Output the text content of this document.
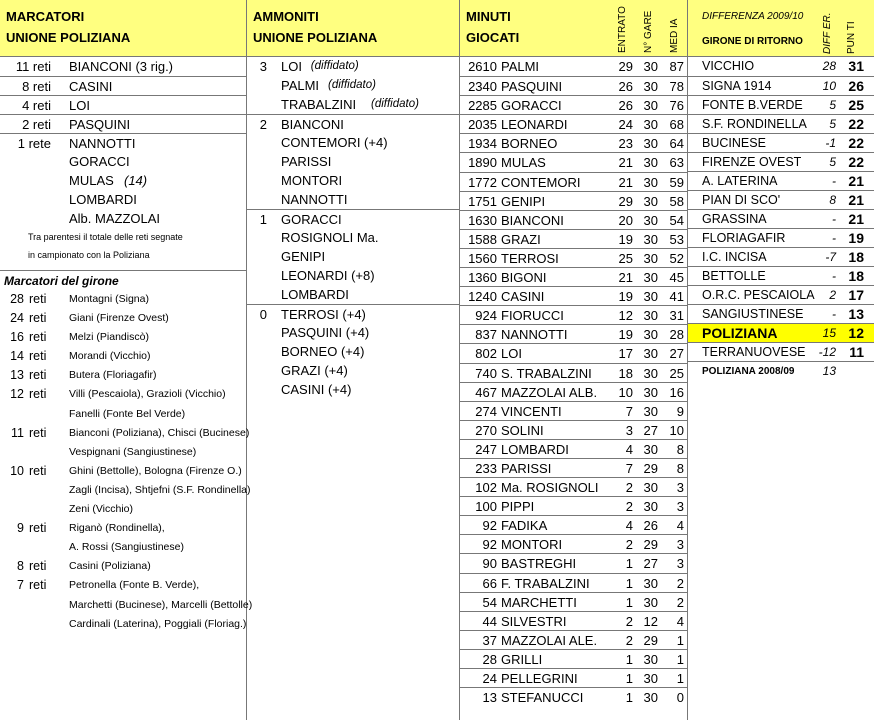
MARCATORI
UNIONE POLIZIANA
AMMONITI
UNIONE POLIZIANA
MINUTI
GIOCATI	ENTRATO N° GARE MED IA
DIFFERENZA 2009/10
GIRONE DI RITORNO	DIFF ER. PUN TI
11 reti BIANCONI (3 rig.)
8 reti CASINI
4 reti LOI
2 reti PASQUINI
1 rete NANNOTTI
GORACCI
MULAS (14)
LOMBARDI
Alb. MAZZOLAI
Tra parentesi il totale delle reti segnate
in campionato con la Poliziana
Marcatori del girone
28 reti Montagni (Signa)
24 reti Giani (Firenze Ovest)
16 reti Melzi (Piandiscò)
14 reti Morandi (Vicchio)
13 reti Butera (Floriagafir)
12 reti Villi (Pescaiola), Grazioli (Vicchio)
Fanelli (Fonte Bel Verde)
11 reti Bianconi (Poliziana), Chisci (Bucinese)
Vespignani (Sangiustinese)
10 reti Ghini (Bettolle), Bologna (Firenze O.)
Zagli (Incisa), Shtjefni (S.F. Rondinella)
Zeni (Vicchio)
9 reti Riganò (Rondinella),
A. Rossi (Sangiustinese)
8 reti Casini (Poliziana)
7 reti Petronella (Fonte B. Verde),
Marchetti (Bucinese), Marcelli (Bettolle)
Cardinali (Laterina), Poggiali (Floriag.)
3 LOI (diffidato)
PALMI (diffidato)
TRABALZINI (diffidato)
2 BIANCONI
CONTEMORI (+4)
PARISSI
MONTORI
NANNOTTI
1 GORACCI
ROSIGNOLI Ma.
GENIPI
LEONARDI (+8)
LOMBARDI
0 TERROSI (+4)
PASQUINI (+4)
BORNEO (+4)
GRAZI (+4)
CASINI (+4)
2610 PALMI	29 30 87
2340 PASQUINI	26 30 78
2285 GORACCI	26 30 76
2035 LEONARDI	24 30 68
1934 BORNEO	23 30 64
1890 MULAS	21 30 63
1772 CONTEMORI	21 30 59
1751 GENIPI	29 30 58
1630 BIANCONI	20 30 54
1588 GRAZI	19 30 53
1560 TERROSI	25 30 52
1360 BIGONI	21 30 45
1240 CASINI	19 30 41
924 FIORUCCI	12 30 31
837 NANNOTTI	19 30 28
802 LOI	17 30 27
740 S. TRABALZINI	18 30 25
467 MAZZOLAI ALB.	10 30 16
274 VINCENTI	7 30	9
270 SOLINI	3 27 10
247 LOMBARDI	4 30	8
233 PARISSI	7 29	8
102 Ma. ROSIGNOLI	2 30	3
100 PIPPI	2 30	3
92 FADIKA	4 26	4
92 MONTORI	2 29	3
90 BASTREGHI	1 27	3
66 F. TRABALZINI	1 30	2
54 MARCHETTI	1 30	2
44 SILVESTRI	2 12	4
37 MAZZOLAI ALE.	2 29	1
28 GRILLI	1 30	1
24 PELLEGRINI	1 30	1
13 STEFANUCCI	1 30	0
VICCHIO	28 31
SIGNA 1914	10 26
FONTE B.VERDE	5 25
S.F. RONDINELLA	5 22
BUCINESE	-1 22
FIRENZE OVEST	5 22
A. LATERINA	- 21
PIAN DI SCO'	8 21
GRASSINA	- 21
FLORIAGAFIR	- 19
I.C. INCISA	-7 18
BETTOLLE	- 18
O.R.C. PESCAIOLA	2 17
SANGIUSTINESE	- 13
POLIZIANA	15 12
TERRANUOVESE	-12 11
POLIZIANA 2008/09	13
